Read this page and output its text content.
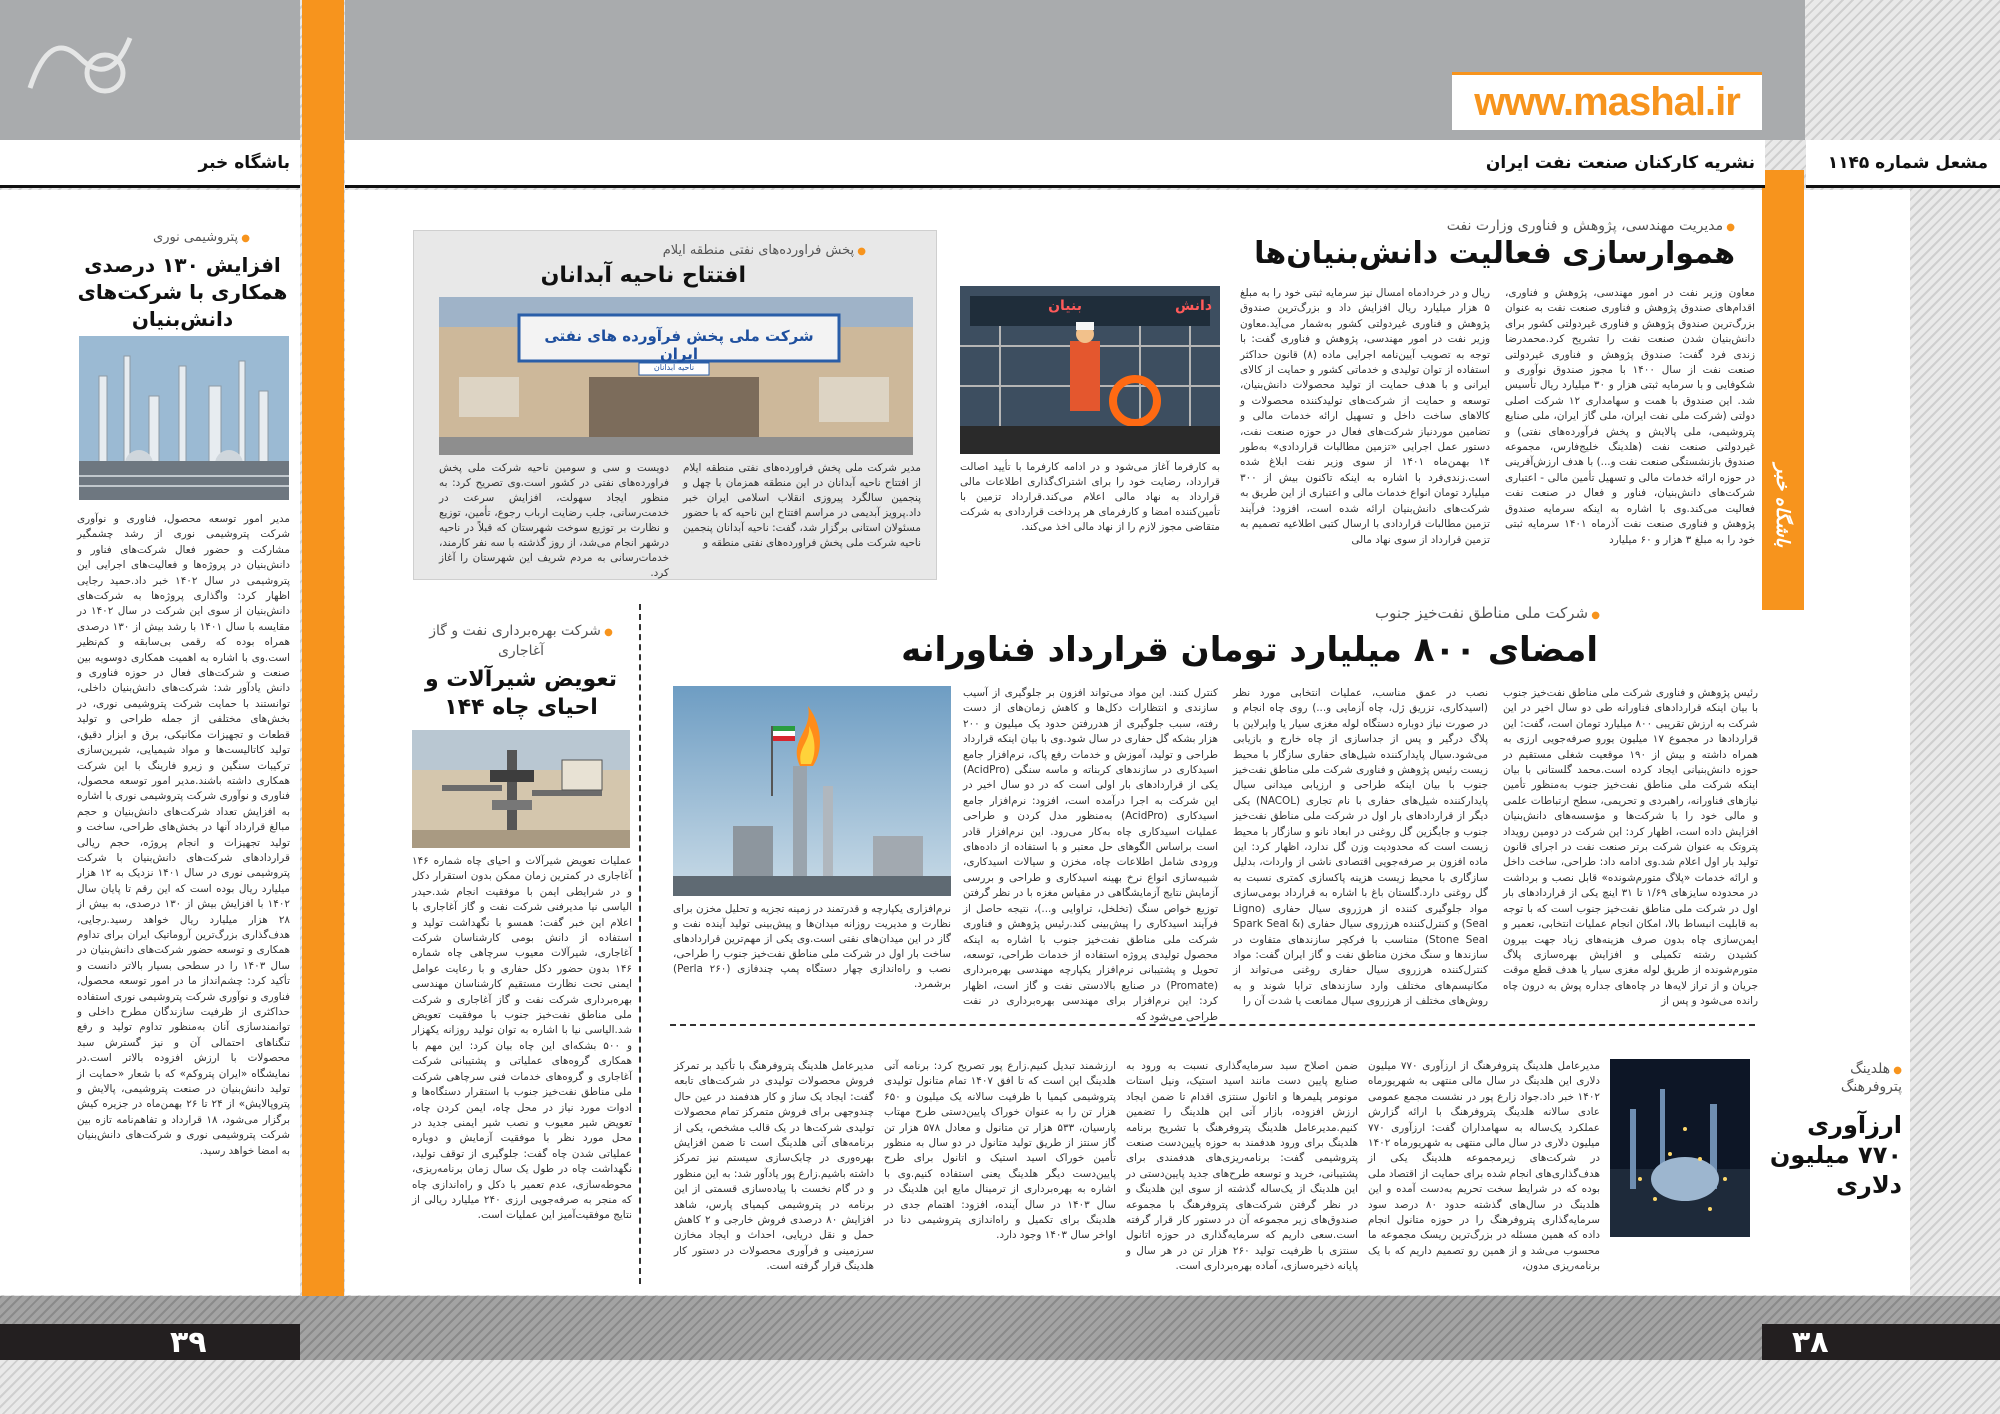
باشگاه خبر	نشریه کارکنان صنعت نفت ایران	مشعل شماره ۱۱۴۵
www.mashal.ir
باشگاه خبر
۳۹	۳۸
● مدیریت مهندسی، پژوهش و فناوری وزارت نفت
هموارسازی فعالیت دانش‌بنیان‌ها
معاون وزیر نفت در امور مهندسی، پژوهش و فناوری، اقدام‌های صندوق پژوهش و فناوری صنعت نفت به عنوان بزرگ‌ترین صندوق پژوهش و فناوری غیردولتی کشور برای دانش‌بنیان شدن صنعت نفت را تشریح کرد.محمدرضا زندی فرد گفت: صندوق پژوهش و فناوری غیردولتی صنعت نفت از سال ۱۴۰۰ با مجوز صندوق نوآوری و شکوفایی و با سرمایه ثبتی هزار و ۳۰ میلیارد ریال تأسیس شد. این صندوق با همت و سهامداری ۱۲ شرکت اصلی دولتی (شرکت ملی نفت ایران، ملی گاز ایران، ملی صنایع پتروشیمی، ملی پالایش و پخش فرآورده‌های نفتی) و غیردولتی صنعت نفت (هلدینگ خلیج‌فارس، مجموعه صندوق بازنشستگی صنعت نفت و...) با هدف ارزش‌آفرینی در حوزه ارائه خدمات مالی و تسهیل تأمین مالی - اعتباری شرکت‌های دانش‌بنیان، فناور و فعال در صنعت نفت فعالیت می‌کند.وی با اشاره به اینکه سرمایه صندوق پژوهش و فناوری صنعت نفت آذرماه ۱۴۰۱ سرمایه ثبتی خود را به مبلغ ۳ هزار و ۶۰ میلیارد
ریال و در خردادماه امسال نیز سرمایه ثبتی خود را به مبلغ ۵ هزار میلیارد ریال افزایش داد و بزرگ‌ترین صندوق پژوهش و فناوری غیردولتی کشور به‌شمار می‌آید.معاون وزیر نفت در امور مهندسی، پژوهش و فناوری گفت: با توجه به تصویب آیین‌نامه اجرایی ماده (۸) قانون حداکثر استفاده از توان تولیدی و خدماتی کشور و حمایت از کالای ایرانی و با هدف حمایت از تولید محصولات دانش‌بنیان، توسعه و حمایت از شرکت‌های تولیدکننده محصولات و کالاهای ساخت داخل و تسهیل ارائه خدمات مالی و تضامین موردنیاز شرکت‌های فعال در حوزه صنعت نفت، دستور عمل اجرایی «تزمین مطالبات قراردادی» به‌طور ۱۴ بهمن‌ماه ۱۴۰۱ از سوی وزیر نفت ابلاغ شده است.زندی‌فرد با اشاره به اینکه تاکنون بیش از ۳۰۰ میلیارد تومان انواع خدمات مالی و اعتباری از این طریق به شرکت‌های دانش‌بنیان ارائه شده است، افزود: فرآیند تزمین مطالبات قراردادی با ارسال کتبی اطلاعیه تصمیم به تزمین قرارداد از سوی نهاد مالی
دانش
بنیان
به کارفرما آغاز می‌شود و در ادامه کارفرما با تأیید اصالت قرارداد، رضایت خود را برای اشتراک‌گذاری اطلاعات مالی قرارداد به نهاد مالی اعلام می‌کند.قرارداد تزمین با تأمین‌کننده امضا و کارفرمای هر پرداخت قراردادی به شرکت متقاضی مجوز لازم را از نهاد مالی اخذ می‌کند.
● پخش فراورده‌های نفتی منطقه ایلام
افتتاح ناحیه آبدانان
شرکت ملی پخش فرآورده های نفتی ایران
ناحیه آبدانان
مدیر شرکت ملی پخش فراورده‌های نفتی منطقه ایلام از افتتاح ناحیه آبدانان در این منطقه همزمان با چهل و پنجمین سالگرد پیروزی انقلاب اسلامی ایران خبر داد.پرویز آبدیمی در مراسم افتتاح این ناحیه که با حضور مسئولان استانی برگزار شد، گفت: ناحیه آبدانان پنجمین ناحیه شرکت ملی پخش فراورده‌های نفتی منطقه و
دویست و سی و سومین ناحیه شرکت ملی پخش فراورده‌های نفتی در کشور است.وی تصریح کرد: به منظور ایجاد سهولت، افزایش سرعت در خدمت‌رسانی، جلب رضایت ارباب رجوع، تأمین، توزیع و نظارت بر توزیع سوخت شهرستان که قبلاً در ناحیه درشهر انجام می‌شد، از روز گذشته با سه نفر کارمند، خدمات‌رسانی به مردم شریف این شهرستان را آغاز کرد.
● شرکت ملی مناطق نفت‌خیز جنوب
امضای ۸۰۰ میلیارد تومان قرارداد فناورانه
رئیس پژوهش و فناوری شرکت ملی مناطق نفت‌خیز جنوب با بیان اینکه قراردادهای فناورانه طی دو سال اخیر در این شرکت به ارزش تقریبی ۸۰۰ میلیارد تومان است، گفت: این قراردادها در مجموع ۱۷ میلیون یورو صرفه‌جویی ارزی به همراه داشته و بیش از ۱۹۰ موقعیت شغلی مستقیم در حوزه دانش‌بنیانی ایجاد کرده است.محمد گلستانی با بیان اینکه شرکت ملی مناطق نفت‌خیز جنوب به‌منظور تأمین نیازهای فناورانه، راهبردی و تحریمی، سطح ارتباطات علمی و مالی خود را با شرکت‌ها و مؤسسه‌های دانش‌بنیان افزایش داده است، اظهار کرد: این شرکت در دومین رویداد پتروتک به عنوان شرکت برتر صنعت نفت در اجرای قانون تولید بار اول اعلام شد.وی ادامه داد: طراحی، ساخت داخل و ارائه خدمات «پلاگ متورم‌شونده» قابل نصب و برداشت در محدوده سایزهای ۱/۶۹ تا ۳۱ اینچ یکی از قراردادهای بار اول در شرکت ملی مناطق نفت‌خیز جنوب است که با توجه به قابلیت انبساط بالا، امکان انجام عملیات انتخابی، تعمیر و ایمن‌سازی چاه بدون صرف هزینه‌های زیاد جهت بیرون کشیدن رشته تکمیلی و افزایش بهره‌سازی پلاگ متورم‌شونده از طریق لوله مغزی سیار یا هدف قطع موقت جریان و از تراز لایه‌ها در چاه‌های جداره پوش به درون چاه رانده می‌شود و پس از
نصب در عمق مناسب، عملیات انتخابی مورد نظر (اسیدکاری، تزریق ژل، چاه آزمایی و...) روی چاه انجام و در صورت نیاز دوباره دستگاه لوله مغزی سیار یا وایرلاین با پلاگ درگیر و پس از جداسازی از چاه خارج و بازیابی می‌شود.سیال پایدارکننده شیل‌های حفاری سازگار با محیط زیست رئیس پژوهش و فناوری شرکت ملی مناطق نفت‌خیز جنوب با بیان اینکه طراحی و ارزیابی میدانی سیال پایدارکننده شیل‌های حفاری با نام تجاری (NACOL) یکی دیگر از قراردادهای بار اول در شرکت ملی مناطق نفت‌خیز جنوب و جایگزین گل روغنی در ابعاد نانو و سازگار با محیط زیست است که محدودیت وزن گل ندارد، اظهار کرد: این ماده افزون بر صرفه‌جویی اقتصادی ناشی از واردات، بدلیل سازگاری با محیط زیست هزینه پاکسازی کمتری نسبت به گل روغنی دارد.گلستان باغ با اشاره به قرارداد بومی‌سازی مواد جلوگیری کننده از هرزروی سیال حفاری (Ligno Seal) و کنترل‌کننده هرزروی سیال حفاری (Spark Seal & Stone Seal) متناسب با فرکچر سازندهای متفاوت در سازندها و سنگ مخزن مناطق نفت و گاز ایران گفت: مواد کنترل‌کننده هرزروی سیال حفاری روغنی می‌تواند از مکانیسم‌های مختلف وارد سازندهای ترابا شوند و به روش‌های مختلف از هرزروی سیال ممانعت یا شدت آن را
کنترل کنند. این مواد می‌تواند افزون بر جلوگیری از آسیب سازندی و انتظارات دکل‌ها و کاهش زمان‌های از دست رفته، سبب جلوگیری از هدررفتن حدود یک میلیون و ۲۰۰ هزار بشکه گل حفاری در سال شود.وی با بیان اینکه قرارداد طراحی و تولید، آموزش و خدمات رفع پاک، نرم‌افزار جامع اسیدکاری در سازندهای کربناته و ماسه سنگی (AcidPro) یکی از قراردادهای بار اولی است که در دو سال اخیر در این شرکت به اجرا درآمده است، افزود: نرم‌افزار جامع اسیدکاری (AcidPro) به‌منظور مدل کردن و طراحی عملیات اسیدکاری چاه به‌کار می‌رود. این نرم‌افزار قادر است براساس الگوهای حل معتبر و با استفاده از داده‌های ورودی شامل اطلاعات چاه، مخزن و سیالات اسیدکاری، شبیه‌سازی انواع نرخ بهینه اسیدکاری و طراحی و بررسی آزمایش نتایج آزمایشگاهی در مقیاس مغزه با در نظر گرفتن توزیع خواص سنگ (تخلخل، تراوایی و...)، نتیجه حاصل از فرآیند اسیدکاری را پیش‌بینی کند.رئیس پژوهش و فناوری شرکت ملی مناطق نفت‌خیز جنوب با اشاره به اینکه محصول تولیدی پروژه استفاده از خدمات طراحی، توسعه، تحویل و پشتیبانی نرم‌افزار یکپارچه مهندسی بهره‌برداری (Promate) در صنایع بالادستی نفت و گاز است، اظهار کرد: این نرم‌افزار برای مهندسی بهره‌برداری در نفت طراحی می‌شود که
نرم‌افزاری یکپارچه و قدرتمند در زمینه تجزیه و تحلیل مخزن برای نظارت و مدیریت روزانه میدان‌ها و پیش‌بینی تولید آینده نفت و گاز در این میدان‌های نفتی است.وی یکی از مهم‌ترین قراردادهای ساخت بار اول در شرکت ملی مناطق نفت‌خیز جنوب را طراحی، نصب و راه‌اندازی چهار دستگاه پمپ چندفازی (Perla ۲۶۰) برشمرد.
● شرکت بهره‌برداری نفت و گاز آغاجاری
تعویض شیرآلات و احیای چاه ۱۴۴
عملیات تعویض شیرآلات و احیای چاه شماره ۱۴۶ آغاجاری در کمترین زمان ممکن بدون استقرار دکل و در شرایطی ایمن با موفقیت انجام شد.حیدر الیاسی نیا مدیرفنی شرکت نفت و گاز آغاجاری با اعلام این خبر گفت: همسو با نگهداشت تولید و استفاده از دانش بومی کارشناسان شرکت آغاجاری، شیرآلات معیوب سرچاهی چاه شماره ۱۴۶ بدون حضور دکل حفاری و با رعایت عوامل ایمنی تحت نظارت مستقیم کارشناسان مهندسی بهره‌برداری شرکت نفت و گاز آغاجاری و شرکت ملی مناطق نفت‌خیز جنوب با موفقیت تعویض شد.الیاسی نیا با اشاره به توان تولید روزانه یکهزار و ۵۰۰ بشکه‌ای این چاه بیان کرد: این مهم با همکاری گروه‌های عملیاتی و پشتیبانی شرکت آغاجاری و گروه‌های خدمات فنی سرچاهی شرکت ملی مناطق نفت‌خیز جنوب با استقرار دستگاه‌ها و ادوات مورد نیاز در محل چاه، ایمن کردن چاه، تعویض شیر معیوب و نصب شیر ایمنی جدید در محل مورد نظر با موفقیت آزمایش و دوباره عملیاتی شدن چاه گفت: جلوگیری از توقف تولید، نگهداشت چاه در طول یک سال زمان برنامه‌ریزی، محوطه‌سازی، عدم تعمیر با دکل و راه‌اندازی چاه که منجر به صرفه‌جویی ارزی ۲۴۰ میلیارد ریالی از نتایج موفقیت‌آمیز این عملیات است.
● پتروشیمی نوری
افزایش ۱۳۰ درصدی همکاری با شرکت‌های دانش‌بنیان
مدیر امور توسعه محصول، فناوری و نوآوری شرکت پتروشیمی نوری از رشد چشمگیر مشارکت و حضور فعال شرکت‌های فناور و دانش‌بنیان در پروژه‌ها و فعالیت‌های اجرایی این پتروشیمی در سال ۱۴۰۲ خبر داد.حمید رجایی اظهار کرد: واگذاری پروژه‌ها به شرکت‌های دانش‌بنیان از سوی این شرکت در سال ۱۴۰۲ در مقایسه با سال ۱۴۰۱ با رشد بیش از ۱۳۰ درصدی همراه بوده که رقمی بی‌سابقه و کم‌نظیر است.وی با اشاره به اهمیت همکاری دوسویه بین صنعت و شرکت‌های فعال در حوزه فناوری و دانش یادآور شد: شرکت‌های دانش‌بنیان داخلی، توانستند با حمایت شرکت پتروشیمی نوری، در بخش‌های مختلفی از جمله طراحی و تولید قطعات و تجهیزات مکانیکی، برق و ابزار دقیق، تولید کاتالیست‌ها و مواد شیمیایی، شیرین‌سازی ترکیبات سنگین و زیرو فارینگ با این شرکت همکاری داشته باشند.مدیر امور توسعه محصول، فناوری و نوآوری شرکت پتروشیمی نوری با اشاره به افزایش تعداد شرکت‌های دانش‌بنیان و حجم مبالغ قرارداد آنها در بخش‌های طراحی، ساخت و تولید تجهیزات و انجام پروژه، حجم ریالی قراردادهای شرکت‌های دانش‌بنیان با شرکت پتروشیمی نوری در سال ۱۴۰۱ نزدیک به ۱۲ هزار میلیارد ریال بوده است که این رقم تا پایان سال ۱۴۰۲ با افزایش بیش از ۱۳۰ درصدی، به بیش از ۲۸ هزار میلیارد ریال خواهد رسید.رجایی، هدف‌گذاری بزرگ‌ترین آروماتیک ایران برای تداوم همکاری و توسعه حضور شرکت‌های دانش‌بنیان در سال ۱۴۰۳ را در سطحی بسیار بالاتر دانست و تأکید کرد: چشم‌انداز ما در امور توسعه محصول، فناوری و نوآوری شرکت پتروشیمی نوری استفاده حداکثری از ظرفیت سازندگان مطرح داخلی و توانمندسازی آنان به‌منظور تداوم تولید و رفع تنگناهای احتمالی آن و نیز گسترش سبد محصولات با ارزش افزوده بالاتر است.در نمایشگاه «ایران پتروکم» که با شعار «حمایت از تولید دانش‌بنیان در صنعت پتروشیمی، پالایش و پتروپالایش» از ۲۴ تا ۲۶ بهمن‌ماه در جزیره کیش برگزار می‌شود، ۱۸ قرارداد و تفاهم‌نامه تازه بین شرکت پتروشیمی نوری و شرکت‌های دانش‌بنیان به امضا خواهد رسید.
● هلدینگ
پتروفرهنگ
ارزآوری
۷۷۰ میلیون
دلاری
مدیرعامل هلدینگ پتروفرهنگ از ارزآوری ۷۷۰ میلیون دلاری این هلدینگ در سال مالی منتهی به شهریورماه ۱۴۰۲ خبر داد.جواد زارع پور در نشست مجمع عمومی عادی سالانه هلدینگ پتروفرهنگ با ارائه گزارش عملکرد یک‌ساله به سهامداران گفت: ارزآوری ۷۷۰ میلیون دلاری در سال مالی منتهی به شهریورماه ۱۴۰۲ در شرکت‌های زیرمجموعه هلدینگ یکی از هدف‌گذاری‌های انجام شده برای حمایت از اقتصاد ملی بوده که در شرایط سخت تحریم به‌دست آمده و این هلدینگ در سال‌های گذشته حدود ۸۰ درصد سود سرمایه‌گذاری پتروفرهنگ را در حوزه متانول انجام داده که همین مسئله در بزرگ‌ترین ریسک مجموعه ما محسوب می‌شد و از همین رو تصمیم داریم که با یک برنامه‌ریزی مدون،
ضمن اصلاح سبد سرمایه‌گذاری نسبت به ورود به صنایع پایین دست مانند اسید استیک، ونیل استات مونومر پلیمرها و اتانول سنتزی اقدام تا ضمن ایجاد ارزش افزوده، بازار آتی این هلدینگ را تضمین کنیم.مدیرعامل هلدینگ پتروفرهنگ با تشریح برنامه هلدینگ برای ورود هدفمند به حوزه پایین‌دست صنعت پتروشیمی گفت: برنامه‌ریزی‌های هدفمندی برای پشتیبانی، خرید و توسعه طرح‌های جدید پایین‌دستی در این هلدینگ از یک‌ساله گذشته از سوی این هلدینگ و در نظر گرفتن شرکت‌های پتروفرهنگ با مجموعه صندوق‌های زیر مجموعه آن در دستور کار قرار گرفته است.سعی داریم که سرمایه‌گذاری در حوزه اتانول سنتزی با ظرفیت تولید ۲۶۰ هزار تن در هر سال و پایانه ذخیره‌سازی، آماده بهره‌برداری است.
ارزشمند تبدیل کنیم.زارع پور تصریح کرد: برنامه آتی هلدینگ این است که تا افق ۱۴۰۷ تمام متانول تولیدی پتروشیمی کیمیا با ظرفیت سالانه یک میلیون و ۶۵۰ هزار تن را به عنوان خوراک پایین‌دستی طرح مهتاب پارسیان، ۵۳۳ هزار تن متانول و معادل ۵۷۸ هزار تن گاز سنتز از طریق تولید متانول در دو سال به منظور تأمین خوراک اسید استیک و اتانول برای طرح پایین‌دست دیگر هلدینگ یعنی استفاده کنیم.وی با اشاره به بهره‌برداری از ترمینال مایع این هلدینگ در سال ۱۴۰۳ در سال آینده، افزود: اهتمام جدی در هلدینگ برای تکمیل و راه‌اندازی پتروشیمی دنا در اواخر سال ۱۴۰۳ وجود دارد.
مدیرعامل هلدینگ پتروفرهنگ با تأکید بر تمرکز فروش محصولات تولیدی در شرکت‌های تابعه گفت: ایجاد یک ساز و کار هدفمند در عین حال چندوجهی برای فروش متمرکز تمام محصولات تولیدی شرکت‌ها در یک قالب مشخص، یکی از برنامه‌های آتی هلدینگ است تا ضمن افزایش بهره‌وری در چابک‌سازی سیستم‌ نیز تمرکز داشته باشیم.زارع پور یادآور شد: به این منظور و در گام نخست با پیاده‌سازی قسمتی از این برنامه در پتروشیمی کیمیای پارس، شاهد افزایش ۸۰ درصدی فروش خارجی و ۲ کاهش حمل و نقل دریایی، احداث و ایجاد مخازن سرزمینی و فرآوری محصولات در دستور کار هلدینگ قرار گرفته است.
